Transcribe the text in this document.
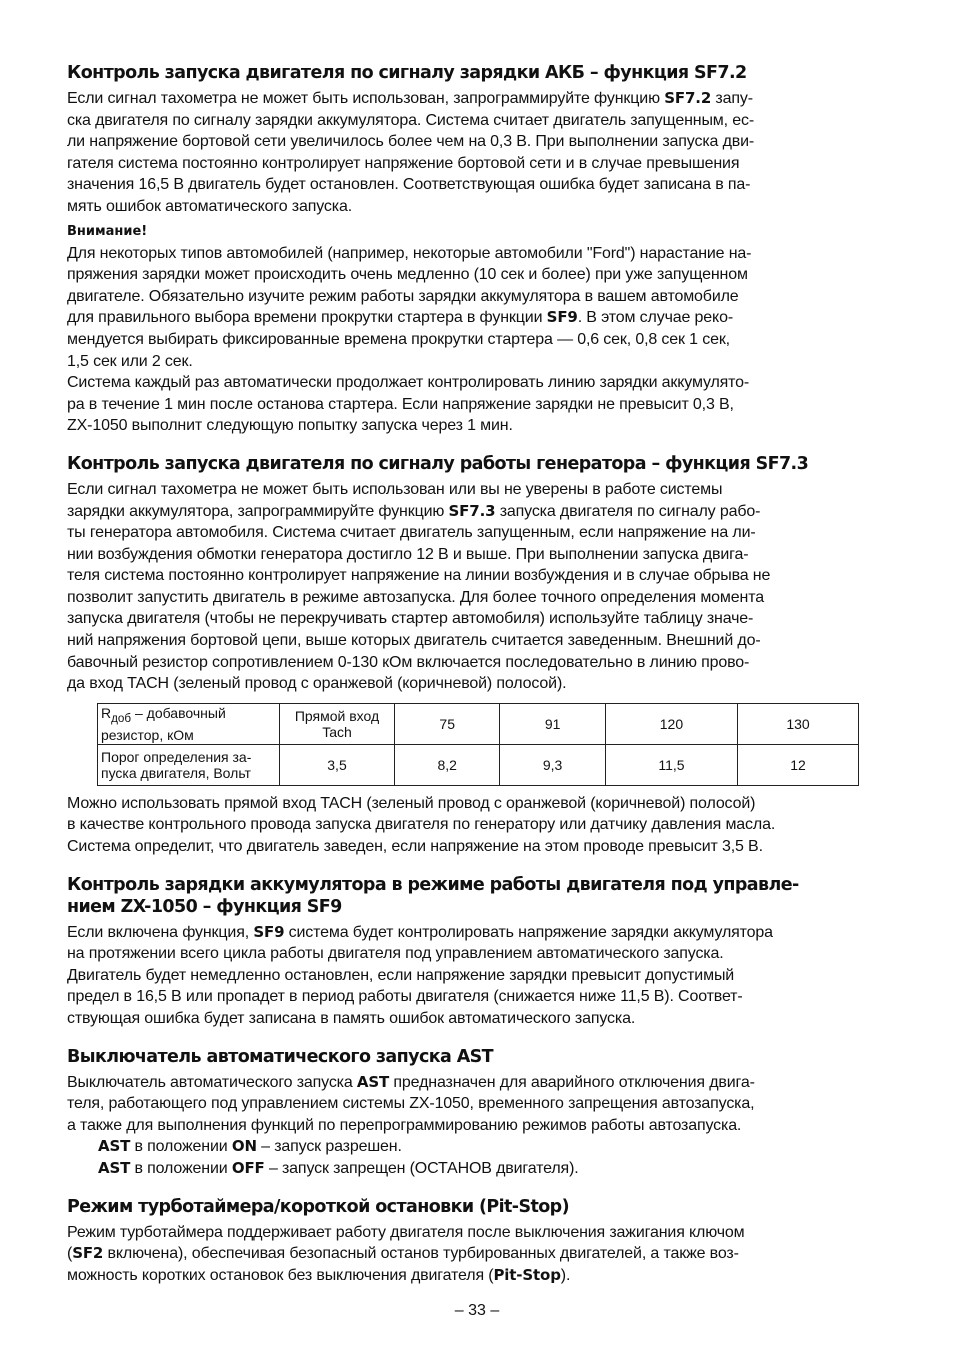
Контроль запуска двигателя по сигналу зарядки АКБ – функция SF7.2
Если сигнал тахометра не может быть использован, запрограммируйте функцию SF7.2 запу-
ска двигателя по сигналу зарядки аккумулятора. Система считает двигатель запущенным, ес-
ли напряжение бортовой сети увеличилось более чем на 0,3 В. При выполнении запуска дви-
гателя система постоянно контролирует напряжение бортовой сети и в случае превышения
значения 16,5 В двигатель будет остановлен. Соответствующая ошибка будет записана в па-
мять ошибок автоматического запуска.
Внимание!
Для некоторых типов автомобилей (например, некоторые автомобили "Ford") нарастание на-
пряжения зарядки может происходить очень медленно (10 сек и более) при уже запущенном
двигателе. Обязательно изучите режим работы зарядки аккумулятора в вашем автомобиле
для правильного выбора времени прокрутки стартера в функции SF9. В этом случае реко-
мендуется выбирать фиксированные времена прокрутки стартера — 0,6 сек, 0,8 сек 1 сек,
1,5 сек или 2 сек.
Система каждый раз автоматически продолжает контролировать линию зарядки аккумулято-
ра в течение 1 мин после останова стартера. Если напряжение зарядки не превысит 0,3 В,
ZX-1050 выполнит следующую попытку запуска через 1 мин.
Контроль запуска двигателя по сигналу работы генератора – функция SF7.3
Если сигнал тахометра не может быть использован или вы не уверены в работе системы
зарядки аккумулятора, запрограммируйте функцию SF7.3 запуска двигателя по сигналу рабо-
ты генератора автомобиля. Система считает двигатель запущенным, если напряжение на ли-
нии возбуждения обмотки генератора достигло 12 В и выше. При выполнении запуска двига-
теля система постоянно контролирует напряжение на линии возбуждения и в случае обрыва не
позволит запустить двигатель в режиме автозапуска. Для более точного определения момента
запуска двигателя (чтобы не перекручивать стартер автомобиля) используйте таблицу значе-
ний напряжения бортовой цепи, выше которых двигатель считается заведенным. Внешний до-
бавочный резистор сопротивлением 0-130 кОм включается последовательно в линию прово-
да вход TACH (зеленый провод с оранжевой (коричневой) полосой).
$R_{доб}$ – добавочный резистор, кОм	Прямой вход Tach	75	91	120	130
Порог определения за-пуска двигателя, Вольт	3,5	8,2	9,3	11,5	12
Можно использовать прямой вход TACH (зеленый провод с оранжевой (коричневой) полосой)
в качестве контрольного провода запуска двигателя по генератору или датчику давления масла.
Система определит, что двигатель заведен, если напряжение на этом проводе превысит 3,5 В.
Контроль зарядки аккумулятора в режиме работы двигателя под управле-
нием ZX-1050 – функция SF9
Если включена функция, SF9 система будет контролировать напряжение зарядки аккумулятора
на протяжении всего цикла работы двигателя под управлением автоматического запуска.
Двигатель будет немедленно остановлен, если напряжение зарядки превысит допустимый
предел в 16,5 В или пропадет в период работы двигателя (снижается ниже 11,5 В). Соответ-
ствующая ошибка будет записана в память ошибок автоматического запуска.
Выключатель автоматического запуска AST
Выключатель автоматического запуска AST предназначен для аварийного отключения двига-
теля, работающего под управлением системы ZX-1050, временного запрещения автозапуска,
а также для выполнения функций по перепрограммированию режимов работы автозапуска.
AST в положении ON – запуск разрешен.
AST в положении OFF – запуск запрещен (ОСТАНОВ двигателя).
Режим турботаймера/короткой остановки (Pit-Stop)
Режим турботаймера поддерживает работу двигателя после выключения зажигания ключом
(SF2 включена), обеспечивая безопасный останов турбированных двигателей, а также воз-
можность коротких остановок без выключения двигателя (Pit-Stop).
– 33 –
